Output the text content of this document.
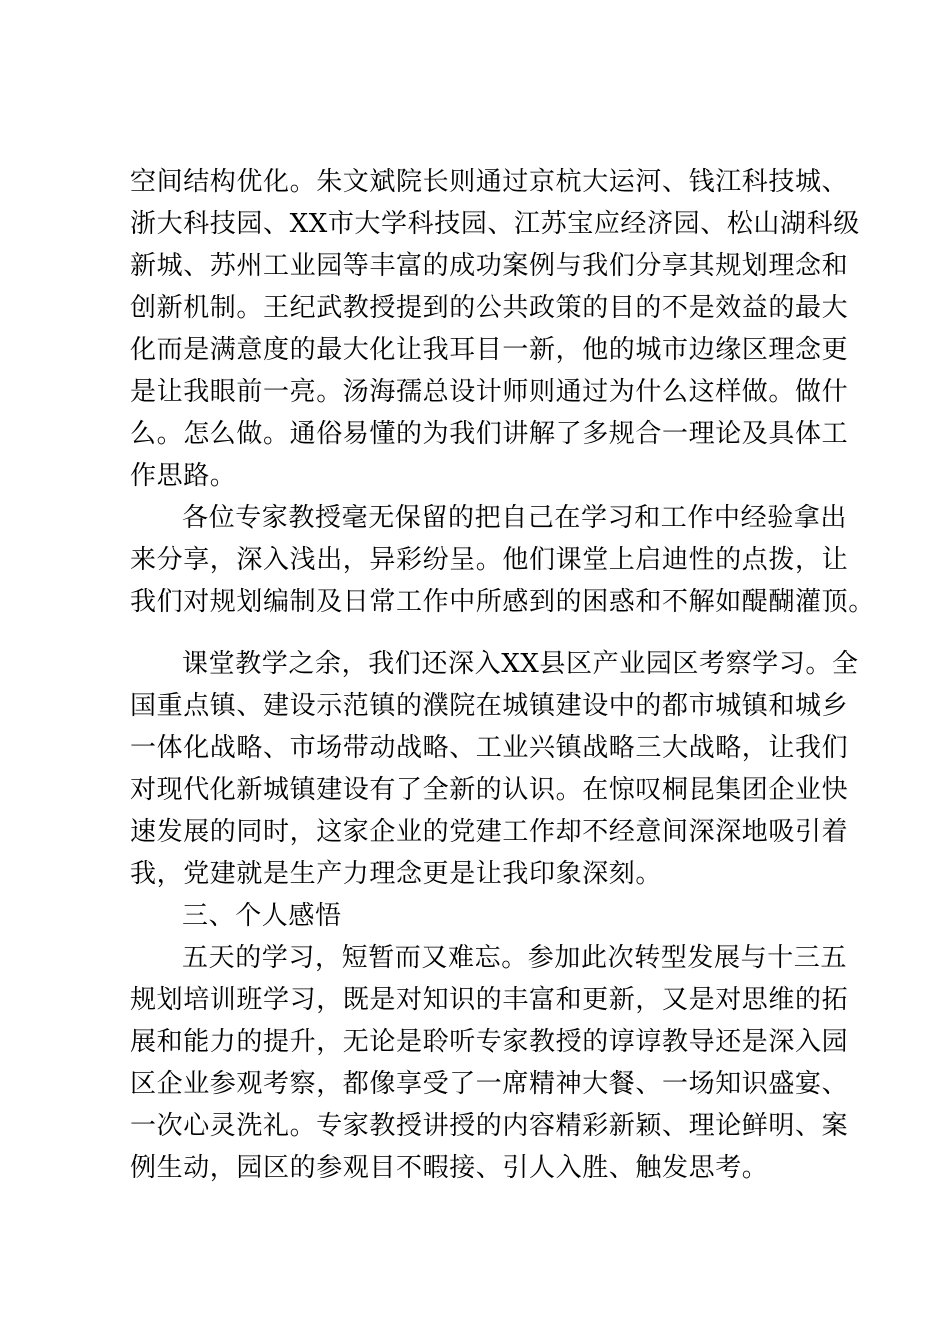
空间结构优化。朱文斌院长则通过京杭大运河、钱江科技城、
浙大科技园、XX市大学科技园、江苏宝应经济园、松山湖科级
新城、苏州工业园等丰富的成功案例与我们分享其规划理念和
创新机制。王纪武教授提到的公共政策的目的不是效益的最大
化而是满意度的最大化让我耳目一新，他的城市边缘区理念更
是让我眼前一亮。汤海孺总设计师则通过为什么这样做。做什
么。怎么做。通俗易懂的为我们讲解了多规合一理论及具体工
作思路。
各位专家教授毫无保留的把自己在学习和工作中经验拿出
来分享，深入浅出，异彩纷呈。他们课堂上启迪性的点拨，让
我们对规划编制及日常工作中所感到的困惑和不解如醍醐灌顶。
课堂教学之余，我们还深入XX县区产业园区考察学习。全
国重点镇、建设示范镇的濮院在城镇建设中的都市城镇和城乡
一体化战略、市场带动战略、工业兴镇战略三大战略，让我们
对现代化新城镇建设有了全新的认识。在惊叹桐昆集团企业快
速发展的同时，这家企业的党建工作却不经意间深深地吸引着
我，党建就是生产力理念更是让我印象深刻。
三、个人感悟
五天的学习，短暂而又难忘。参加此次转型发展与十三五
规划培训班学习，既是对知识的丰富和更新，又是对思维的拓
展和能力的提升，无论是聆听专家教授的谆谆教导还是深入园
区企业参观考察，都像享受了一席精神大餐、一场知识盛宴、
一次心灵洗礼。专家教授讲授的内容精彩新颖、理论鲜明、案
例生动，园区的参观目不暇接、引人入胜、触发思考。
